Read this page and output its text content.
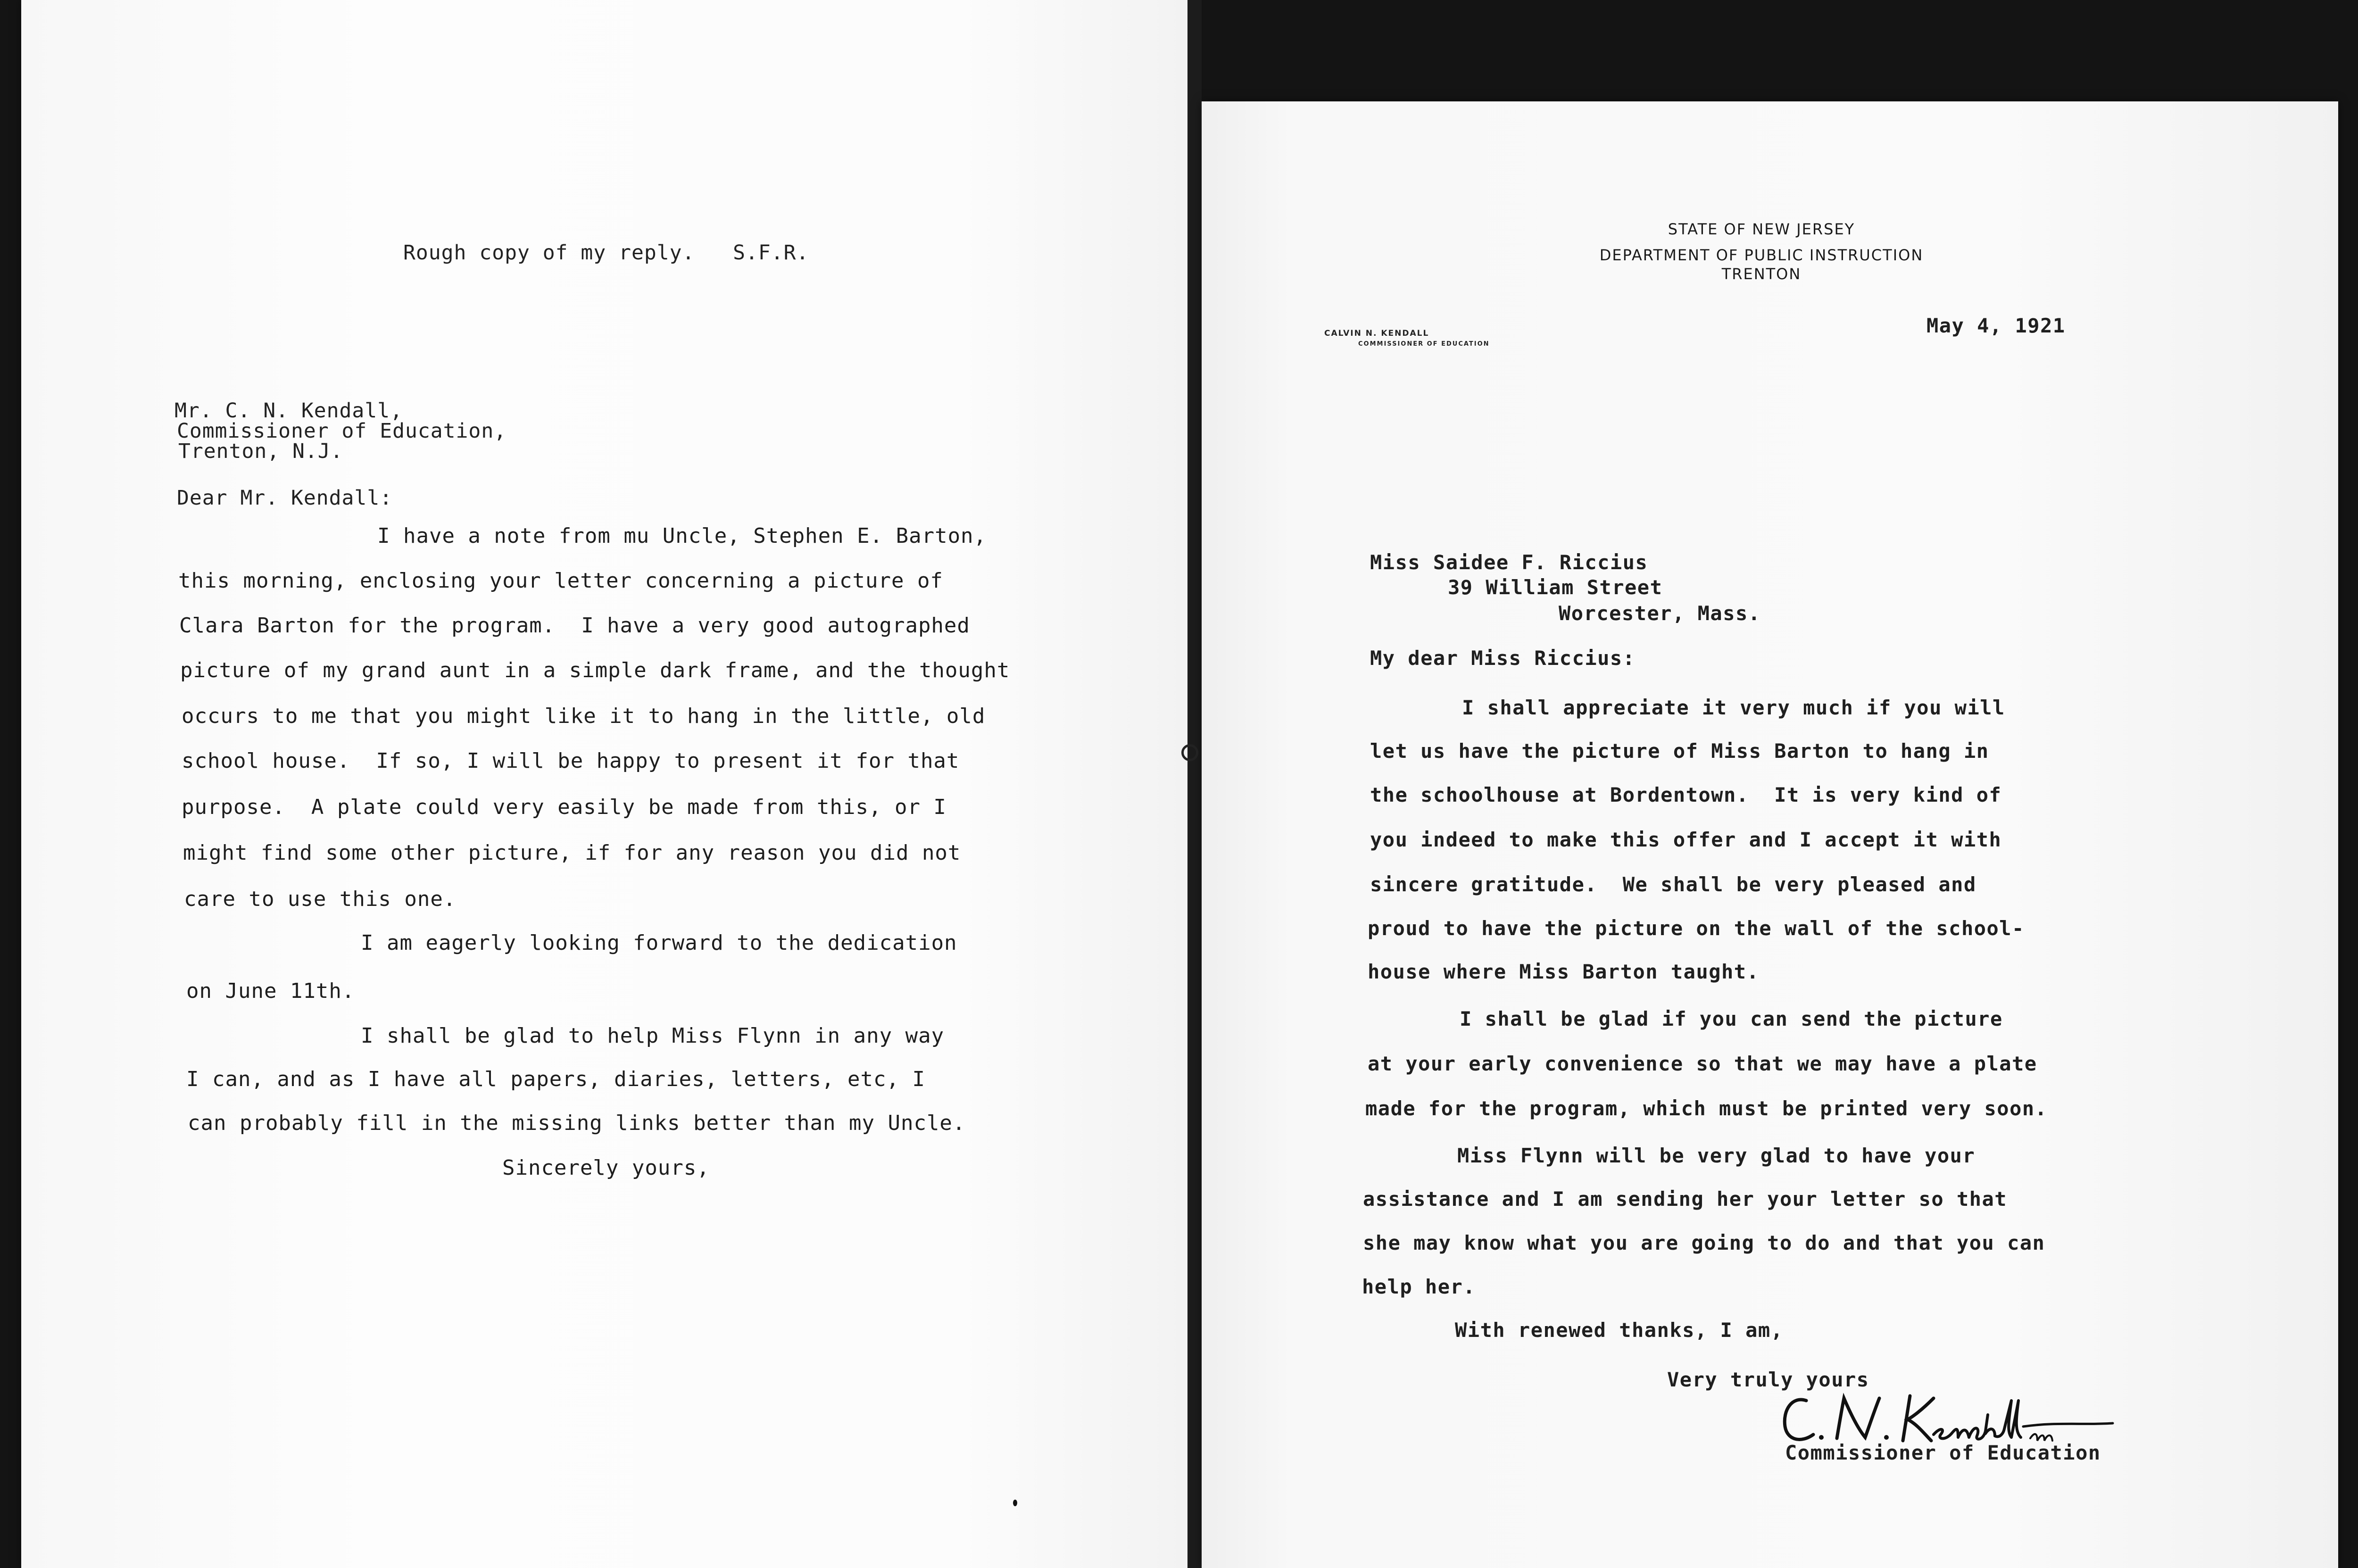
Rough copy of my reply.   S.F.R.
Mr. C. N. Kendall,
Commissioner of Education,
Trenton, N.J.
Dear Mr. Kendall:
I have a note from mu Uncle, Stephen E. Barton,
this morning, enclosing your letter concerning a picture of
Clara Barton for the program.  I have a very good autographed
picture of my grand aunt in a simple dark frame, and the thought
occurs to me that you might like it to hang in the little, old
school house.  If so, I will be happy to present it for that
purpose.  A plate could very easily be made from this, or I
might find some other picture, if for any reason you did not
care to use this one.
I am eagerly looking forward to the dedication
on June 11th.
I shall be glad to help Miss Flynn in any way
I can, and as I have all papers, diaries, letters, etc, I
can probably fill in the missing links better than my Uncle.
Sincerely yours,
STATE OF NEW JERSEY
DEPARTMENT OF PUBLIC INSTRUCTION
TRENTON
CALVIN N. KENDALL
COMMISSIONER OF EDUCATION
May 4, 1921
Miss Saidee F. Riccius
39 William Street
Worcester, Mass.
My dear Miss Riccius:
I shall appreciate it very much if you will
let us have the picture of Miss Barton to hang in
the schoolhouse at Bordentown.  It is very kind of
you indeed to make this offer and I accept it with
sincere gratitude.  We shall be very pleased and
proud to have the picture on the wall of the school-
house where Miss Barton taught.
I shall be glad if you can send the picture
at your early convenience so that we may have a plate
made for the program, which must be printed very soon.
Miss Flynn will be very glad to have your
assistance and I am sending her your letter so that
she may know what you are going to do and that you can
help her.
With renewed thanks, I am,
Very truly yours
Commissioner of Education
